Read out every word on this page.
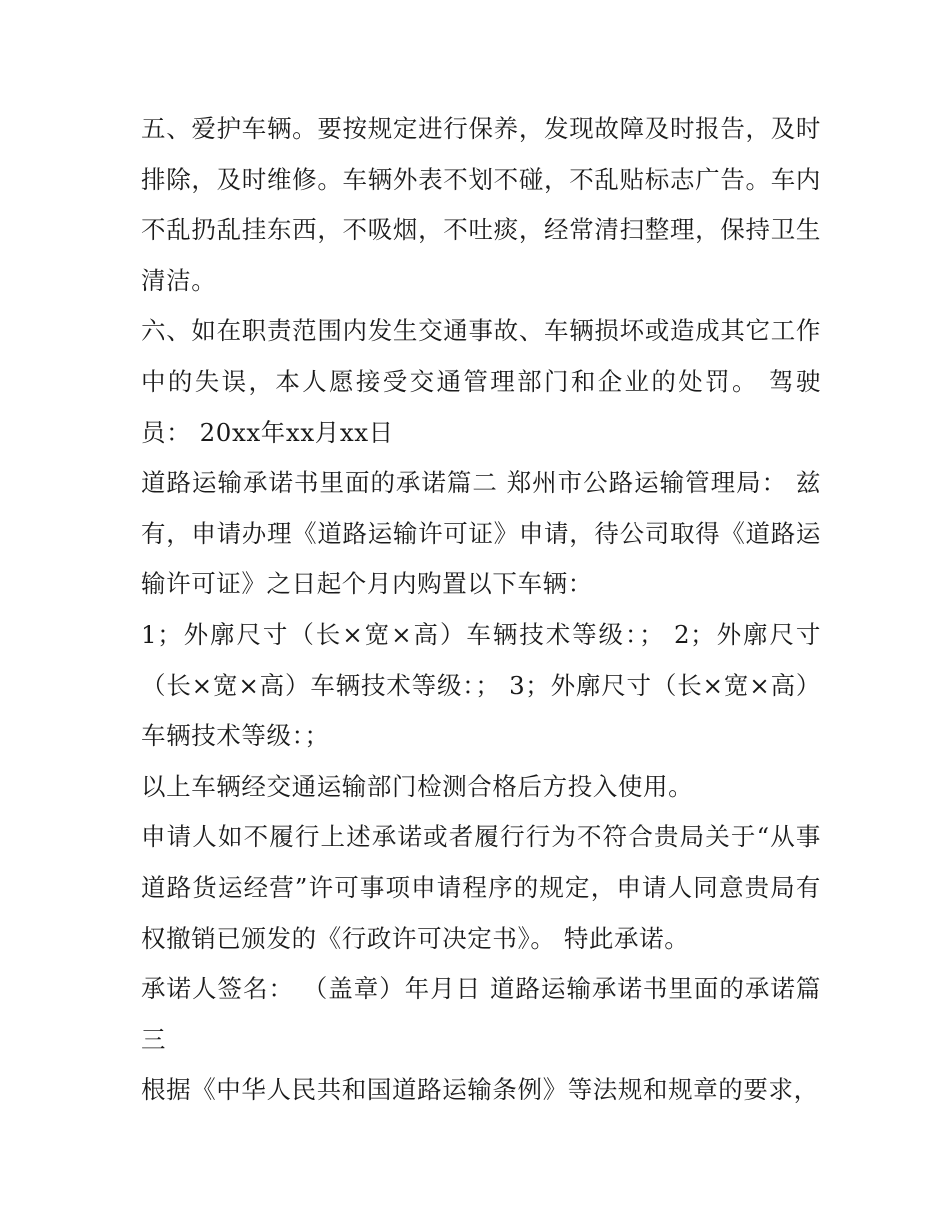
五、爱护车辆。要按规定进行保养，发现故障及时报告，及时排除，及时维修。车辆外表不划不碰，不乱贴标志广告。车内不乱扔乱挂东西，不吸烟，不吐痰，经常清扫整理，保持卫生清洁。

六、如在职责范围内发生交通事故、车辆损坏或造成其它工作中的失误，本人愿接受交通管理部门和企业的处罚。 驾驶员： 20xx年xx月xx日

道路运输承诺书里面的承诺篇二 郑州市公路运输管理局： 兹有，申请办理《道路运输许可证》申请，待公司取得《道路运输许可证》之日起个月内购置以下车辆：

1；外廓尺寸（长×宽×高）车辆技术等级：； 2；外廓尺寸（长×宽×高）车辆技术等级：； 3；外廓尺寸（长×宽×高）车辆技术等级：；

以上车辆经交通运输部门检测合格后方投入使用。

申请人如不履行上述承诺或者履行行为不符合贵局关于“从事道路货运经营”许可事项申请程序的规定，申请人同意贵局有权撤销已颁发的《行政许可决定书》。 特此承诺。

承诺人签名： （盖章）年月日 道路运输承诺书里面的承诺篇三

根据《中华人民共和国道路运输条例》等法规和规章的要求，
